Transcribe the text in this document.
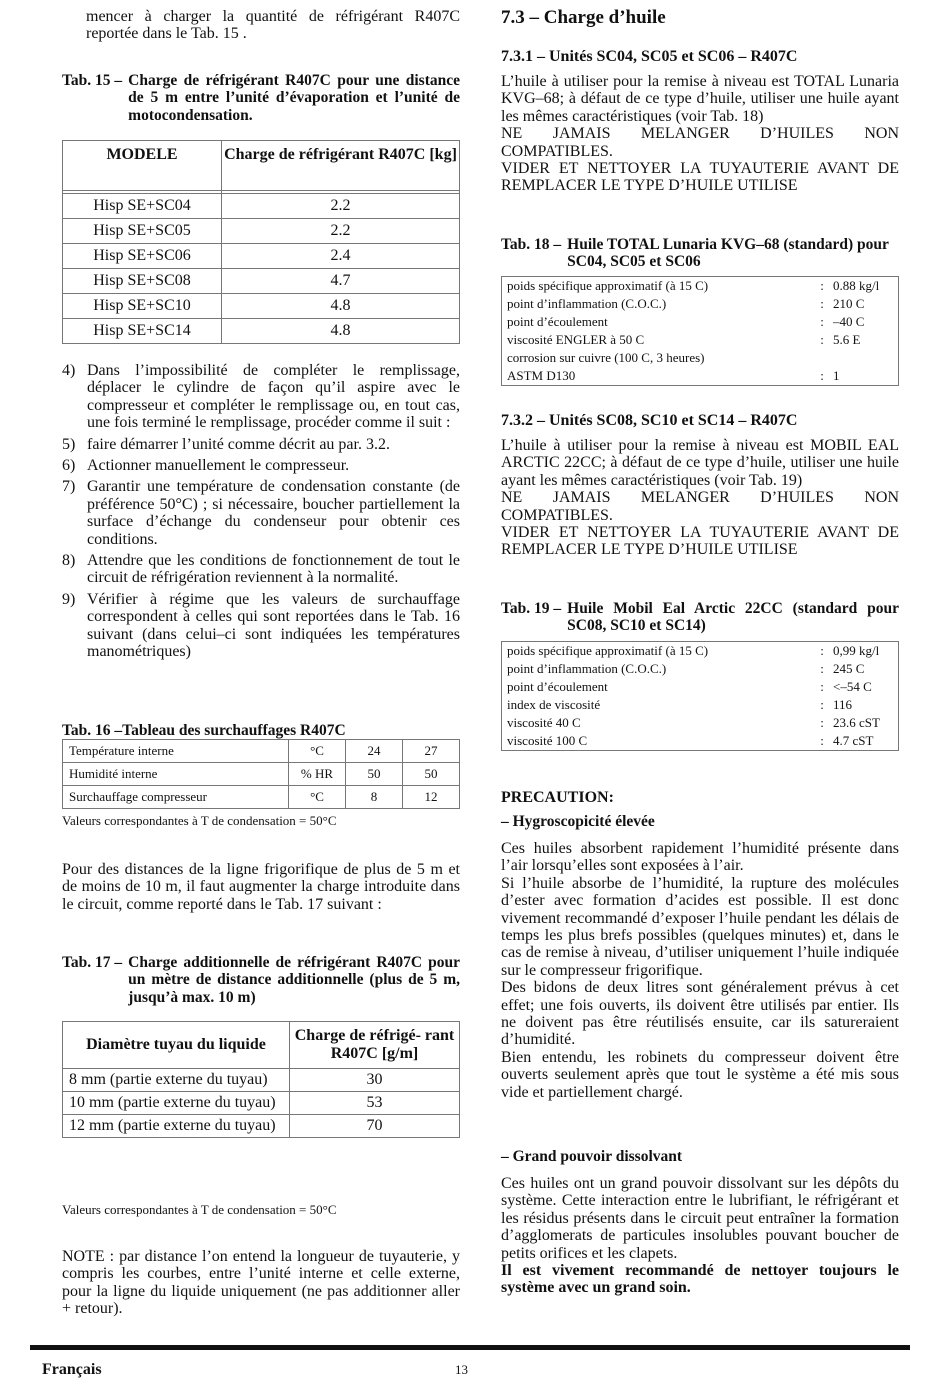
mencer à charger la quantité de réfrigérant R407C reportée dans le Tab. 15 .

Tab. 15 – Charge de réfrigérant R407C pour une distance de 5 m entre l’unité d’évaporation et l’unité de motocondensation.
MODELE	Charge de réfrigérant R407C [kg]

Hisp SE+SC04	2.2
Hisp SE+SC05	2.2
Hisp SE+SC06	2.4
Hisp SE+SC08	4.7
Hisp SE+SC10	4.8
Hisp SE+SC14	4.8
4) Dans l’impossibilité de compléter le remplissage, déplacer le cylindre de façon qu’il aspire avec le compresseur et compléter le remplissage ou, en tout cas, une fois terminé le remplissage, procéder comme il suit :
5) faire démarrer l’unité comme décrit au par. 3.2.
6) Actionner manuellement le compresseur.
7) Garantir une température de condensation constante (de préférence 50°C) ; si nécessaire, boucher partiellement la surface d’échange du condenseur pour obtenir ces conditions.
8) Attendre que les conditions de fonctionnement de tout le circuit de réfrigération reviennent à la normalité.
9) Vérifier à régime que les valeurs de surchauffage correspondent à celles qui sont reportées dans le Tab. 16 suivant (dans celui–ci sont indiquées les températures manométriques)
Tab. 16 –Tableau des surchauffages R407C
Température interne	°C	24	27
Humidité interne	% HR	50	50
Surchauffage compresseur	°C	8	12

Valeurs correspondantes à T de condensation = 50°C

Pour des distances de la ligne frigorifique de plus de 5 m et de moins de 10 m, il faut augmenter la charge introduite dans le circuit, comme reporté dans le Tab. 17 suivant :

Tab. 17 – Charge additionnelle de réfrigérant R407C pour un mètre de distance additionnelle (plus de 5 m, jusqu’à max. 10 m)
Diamètre tuyau du liquide	Charge de réfrigé- rant R407C [g/m]
8 mm (partie externe du tuyau)	30
10 mm (partie externe du tuyau)	53
12 mm (partie externe du tuyau)	70

Valeurs correspondantes à T de condensation = 50°C

NOTE : par distance l’on entend la longueur de tuyauterie, y compris les courbes, entre l’unité interne et celle externe, pour la ligne du liquide uniquement (ne pas additionner aller + retour).

7.3 – Charge d’huile
7.3.1 – Unités SC04, SC05 et SC06 – R407C

L’huile à utiliser pour la remise à niveau est TOTAL Lunaria KVG–68; à défaut de ce type d’huile, utiliser une huile ayant les mêmes caractéristiques (voir Tab. 18)

NE JAMAIS MELANGER D’HUILES NON COMPATIBLES.

VIDER ET NETTOYER LA TUYAUTERIE AVANT DE REMPLACER LE TYPE D’HUILE UTILISE

Tab. 18 – Huile TOTAL Lunaria KVG–68 (standard) pour SC04, SC05 et SC06
poids spécifique approximatif (à 15 C)	:	0.88 kg/l
point d’inflammation (C.O.C.)	:	210 C
point d’écoulement	:	–40 C
viscosité ENGLER à 50 C	:	5.6 E
corrosion sur cuivre (100 C, 3 heures)		
ASTM D130	:	1
7.3.2 – Unités SC08, SC10 et SC14 – R407C

L’huile à utiliser pour la remise à niveau est MOBIL EAL ARCTIC 22CC; à défaut de ce type d’huile, utiliser une huile ayant les mêmes caractéristiques (voir Tab. 19)

NE JAMAIS MELANGER D’HUILES NON COMPATIBLES.

VIDER ET NETTOYER LA TUYAUTERIE AVANT DE REMPLACER LE TYPE D’HUILE UTILISE

Tab. 19 – Huile Mobil Eal Arctic 22CC (standard pour SC08, SC10 et SC14)
poids spécifique approximatif (à 15 C)	:	0,99 kg/l
point d’inflammation (C.O.C.)	:	245 C
point d’écoulement	:	<–54 C
index de viscosité	:	116
viscosité 40 C	:	23.6 cST
viscosité 100 C	:	4.7 cST
PRECAUTION:
– Hygroscopicité élevée

Ces huiles absorbent rapidement l’humidité présente dans l’air lorsqu’elles sont exposées à l’air.

Si l’huile absorbe de l’humidité, la rupture des molécules d’ester avec formation d’acides est possible. Il est donc vivement recommandé d’exposer l’huile pendant les délais de temps les plus brefs possibles (quelques minutes) et, dans le cas de remise à niveau, d’utiliser uniquement l’huile indiquée sur le compresseur frigorifique.

Des bidons de deux litres sont généralement prévus à cet effet; une fois ouverts, ils doivent être utilisés par entier. Ils ne doivent pas être réutilisés ensuite, car ils satureraient d’humidité.

Bien entendu, les robinets du compresseur doivent être ouverts seulement après que tout le système a été mis sous vide et partiellement chargé.

– Grand pouvoir dissolvant

Ces huiles ont un grand pouvoir dissolvant sur les dépôts du système. Cette interaction entre le lubrifiant, le réfrigérant et les résidus présents dans le circuit peut entraîner la formation d’agglomerats de particules insolubles pouvant boucher de petits orifices et les clapets.

Il est vivement recommandé de nettoyer toujours le système avec un grand soin.

Français	13
